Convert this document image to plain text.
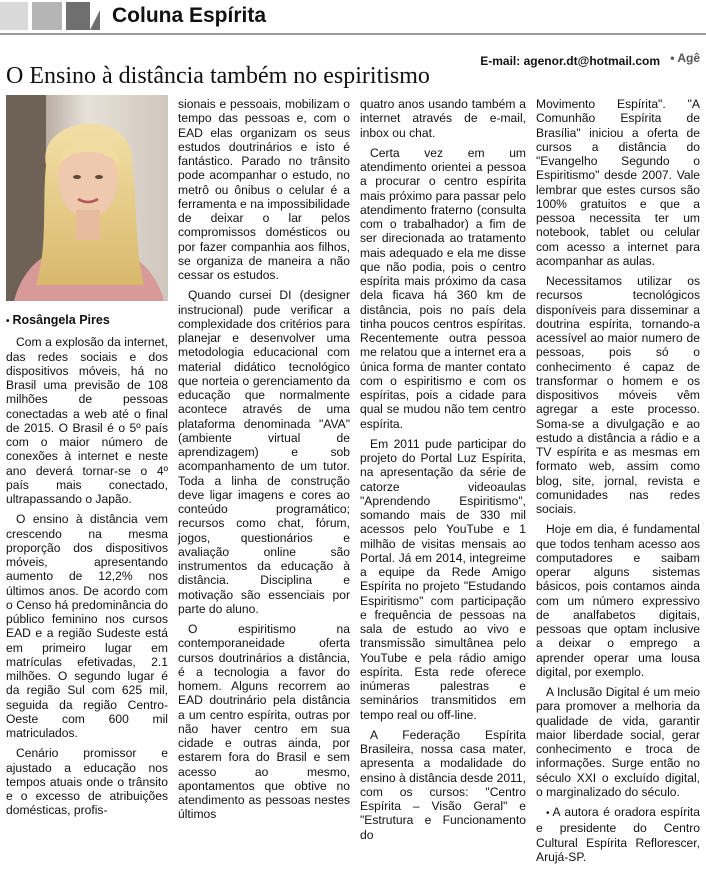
Coluna Espírita
E-mail: agenor.dt@hotmail.com • Agê
O Ensino à distância também no espiritismo

• Rosângela Pires

Com a explosão da internet, das redes sociais e dos dispositivos móveis, há no Brasil uma previsão de 108 milhões de pessoas conectadas a web até o final de 2015. O Brasil é o 5º país com o maior número de conexões à internet e neste ano deverá tornar-se o 4º país mais conectado, ultrapassando o Japão.

O ensino à distância vem crescendo na mesma proporção dos dispositivos móveis, apresentando aumento de 12,2% nos últimos anos. De acordo com o Censo há predominância do público feminino nos cursos EAD e a região Sudeste está em primeiro lugar em matrículas efetivadas, 2.1 milhões. O segundo lugar é da região Sul com 625 mil, seguida da região Centro-Oeste com 600 mil matriculados.

Cenário promissor e ajustado a educação nos tempos atuais onde o trânsito e o excesso de atribuições domésticas, profis-

sionais e pessoais, mobilizam o tempo das pessoas e, com o EAD elas organizam os seus estudos doutrinários e isto é fantástico. Parado no trânsito pode acompanhar o estudo, no metrô ou ônibus o celular é a ferramenta e na impossibilidade de deixar o lar pelos compromissos domésticos ou por fazer companhia aos filhos, se organiza de maneira a não cessar os estudos.

Quando cursei DI (designer instrucional) pude verificar a complexidade dos critérios para planejar e desenvolver uma metodologia educacional com material didático tecnológico que norteia o gerenciamento da educação que normalmente acontece através de uma plataforma denominada "AVA" (ambiente virtual de aprendizagem) e sob acompanhamento de um tutor. Toda a linha de construção deve ligar imagens e cores ao conteúdo programático; recursos como chat, fórum, jogos, questionários e avaliação online são instrumentos da educação à distância. Disciplina e motivação são essenciais por parte do aluno.

O espiritismo na contemporaneidade oferta cursos doutrinários a distância, é a tecnologia a favor do homem. Alguns recorrem ao EAD doutrinário pela distância a um centro espírita, outras por não haver centro em sua cidade e outras ainda, por estarem fora do Brasil e sem acesso ao mesmo, apontamentos que obtive no atendimento as pessoas nestes últimos

quatro anos usando também a internet através de e-mail, inbox ou chat.

Certa vez em um atendimento orientei a pessoa a procurar o centro espírita mais próximo para passar pelo atendimento fraterno (consulta com o trabalhador) a fim de ser direcionada ao tratamento mais adequado e ela me disse que não podia, pois o centro espírita mais próximo da casa dela ficava há 360 km de distância, pois no país dela tinha poucos centros espíritas. Recentemente outra pessoa me relatou que a internet era a única forma de manter contato com o espiritismo e com os espíritas, pois a cidade para qual se mudou não tem centro espírita.

Em 2011 pude participar do projeto do Portal Luz Espírita, na apresentação da série de catorze videoaulas "Aprendendo Espiritismo", somando mais de 330 mil acessos pelo YouTube e 1 milhão de visitas mensais ao Portal. Já em 2014, integreime a equipe da Rede Amigo Espírita no projeto "Estudando Espiritismo" com participação e frequência de pessoas na sala de estudo ao vivo e transmissão simultânea pelo YouTube e pela rádio amigo espírita. Esta rede oferece inúmeras palestras e seminários transmitidos em tempo real ou off-line.

A Federação Espírita Brasileira, nossa casa mater, apresenta a modalidade do ensino à distância desde 2011, com os cursos: "Centro Espírita – Visão Geral" e "Estrutura e Funcionamento do

Movimento Espírita". "A Comunhão Espírita de Brasília" iniciou a oferta de cursos a distância do "Evangelho Segundo o Espiritismo" desde 2007. Vale lembrar que estes cursos são 100% gratuitos e que a pessoa necessita ter um notebook, tablet ou celular com acesso a internet para acompanhar as aulas.

Necessitamos utilizar os recursos tecnológicos disponíveis para disseminar a doutrina espírita, tornando-a acessível ao maior numero de pessoas, pois só o conhecimento é capaz de transformar o homem e os dispositivos móveis vêm agregar a este processo. Soma-se a divulgação e ao estudo a distância a rádio e a TV espírita e as mesmas em formato web, assim como blog, site, jornal, revista e comunidades nas redes sociais.

Hoje em dia, é fundamental que todos tenham acesso aos computadores e saibam operar alguns sistemas básicos, pois contamos ainda com um número expressivo de analfabetos digitais, pessoas que optam inclusive a deixar o emprego a aprender operar uma lousa digital, por exemplo.

A Inclusão Digital é um meio para promover a melhoria da qualidade de vida, garantir maior liberdade social, gerar conhecimento e troca de informações. Surge então no século XXI o excluído digital, o marginalizado do século.

• A autora é oradora espírita e presidente do Centro Cultural Espírita Reflorescer, Arujá-SP.
